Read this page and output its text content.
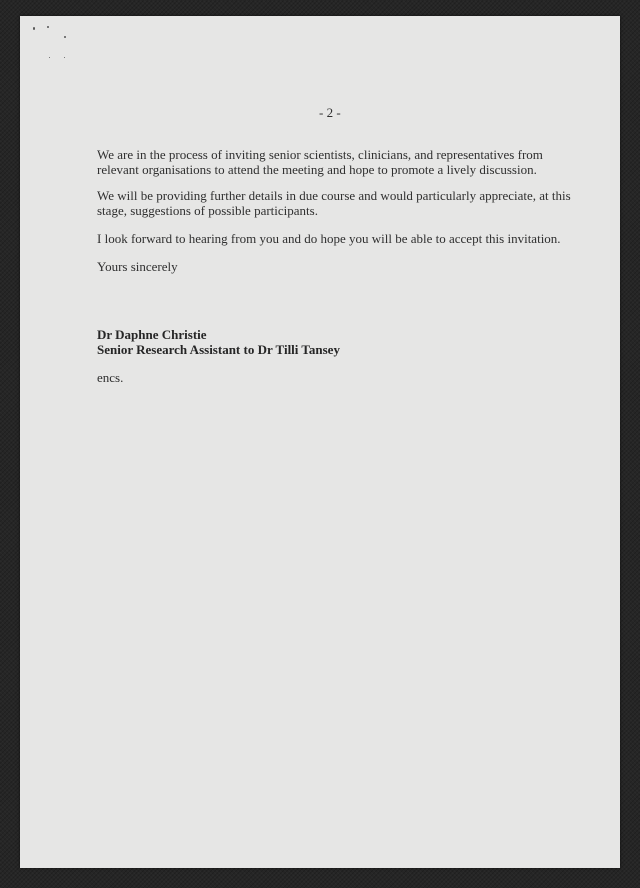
- 2 -

We are in the process of inviting senior scientists, clinicians, and representatives from

relevant organisations to attend the meeting and hope to promote a lively discussion.

We will be providing further details in due course and would particularly appreciate, at this

stage, suggestions of possible participants.

I look forward to hearing from you and do hope you will be able to accept this invitation.

Yours sincerely

Dr Daphne Christie

Senior Research Assistant to Dr Tilli Tansey

encs.
